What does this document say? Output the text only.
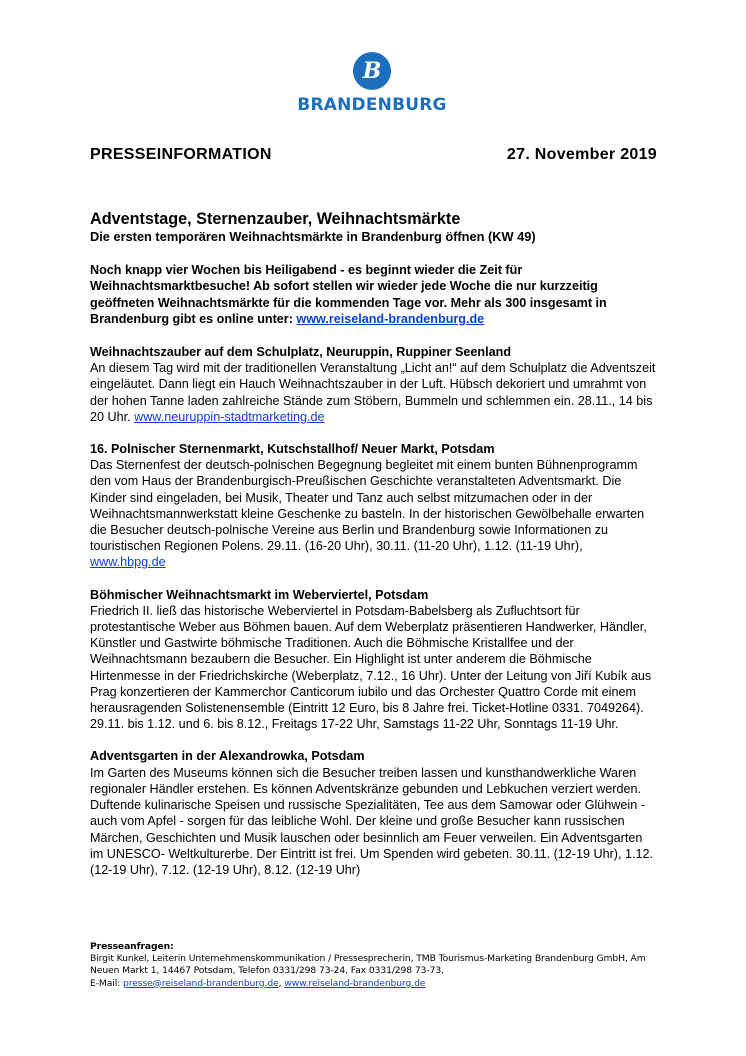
B
BRANDENBURG
PRESSEINFORMATION	27. November 2019
Adventstage, Sternenzauber, Weihnachtsmärkte

Die ersten temporären Weihnachtsmärkte in Brandenburg öffnen (KW 49)

Noch knapp vier Wochen bis Heiligabend - es beginnt wieder die Zeit für Weihnachtsmarktbesuche! Ab sofort stellen wir wieder jede Woche die nur kurzzeitig geöffneten Weihnachtsmärkte für die kommenden Tage vor. Mehr als 300 insgesamt in Brandenburg gibt es online unter: www.reiseland-brandenburg.de

Weihnachtszauber auf dem Schulplatz, Neuruppin, Ruppiner Seenland
An diesem Tag wird mit der traditionellen Veranstaltung „Licht an!“ auf dem Schulplatz die Adventszeit eingeläutet. Dann liegt ein Hauch Weihnachtszauber in der Luft. Hübsch dekoriert und umrahmt von der hohen Tanne laden zahlreiche Stände zum Stöbern, Bummeln und schlemmen ein. 28.11., 14 bis 20 Uhr. www.neuruppin-stadtmarketing.de
16. Polnischer Sternenmarkt, Kutschstallhof/ Neuer Markt, Potsdam
Das Sternenfest der deutsch-polnischen Begegnung begleitet mit einem bunten Bühnenprogramm den vom Haus der Brandenburgisch-Preußischen Geschichte veranstalteten Adventsmarkt. Die Kinder sind eingeladen, bei Musik, Theater und Tanz auch selbst mitzumachen oder in der Weihnachtsmannwerkstatt kleine Geschenke zu basteln. In der historischen Gewölbehalle erwarten die Besucher deutsch-polnische Vereine aus Berlin und Brandenburg sowie Informationen zu touristischen Regionen Polens. 29.11. (16-20 Uhr), 30.11. (11-20 Uhr), 1.12. (11-19 Uhr), www.hbpg.de
Böhmischer Weihnachtsmarkt im Weberviertel, Potsdam
Friedrich II. ließ das historische Weberviertel in Potsdam-Babelsberg als Zufluchtsort für protestantische Weber aus Böhmen bauen. Auf dem Weberplatz präsentieren Handwerker, Händler, Künstler und Gastwirte böhmische Traditionen. Auch die Böhmische Kristallfee und der Weihnachtsmann bezaubern die Besucher. Ein Highlight ist unter anderem die Böhmische Hirtenmesse in der Friedrichskirche (Weberplatz, 7.12., 16 Uhr). Unter der Leitung von Jiří Kubík aus Prag konzertieren der Kammerchor Canticorum iubilo und das Orchester Quattro Corde mit einem herausragenden Solistenensemble (Eintritt 12 Euro, bis 8 Jahre frei. Ticket-Hotline 0331. 7049264). 29.11. bis 1.12. und 6. bis 8.12., Freitags 17-22 Uhr, Samstags 11-22 Uhr, Sonntags 11-19 Uhr.
Adventsgarten in der Alexandrowka, Potsdam
Im Garten des Museums können sich die Besucher treiben lassen und kunsthandwerkliche Waren regionaler Händler erstehen. Es können Adventskränze gebunden und Lebkuchen verziert werden. Duftende kulinarische Speisen und russische Spezialitäten, Tee aus dem Samowar oder Glühwein - auch vom Apfel - sorgen für das leibliche Wohl. Der kleine und große Besucher kann russischen Märchen, Geschichten und Musik lauschen oder besinnlich am Feuer verweilen. Ein Adventsgarten im UNESCO- Weltkulturerbe. Der Eintritt ist frei. Um Spenden wird gebeten. 30.11. (12-19 Uhr), 1.12. (12-19 Uhr), 7.12. (12-19 Uhr), 8.12. (12-19 Uhr)
Presseanfragen:
Birgit Kunkel, Leiterin Unternehmenskommunikation / Pressesprecherin, TMB Tourismus-Marketing Brandenburg GmbH, Am Neuen Markt 1, 14467 Potsdam, Telefon 0331/298 73-24, Fax 0331/298 73-73,
E-Mail: presse@reiseland-brandenburg.de, www.reiseland-brandenburg.de
